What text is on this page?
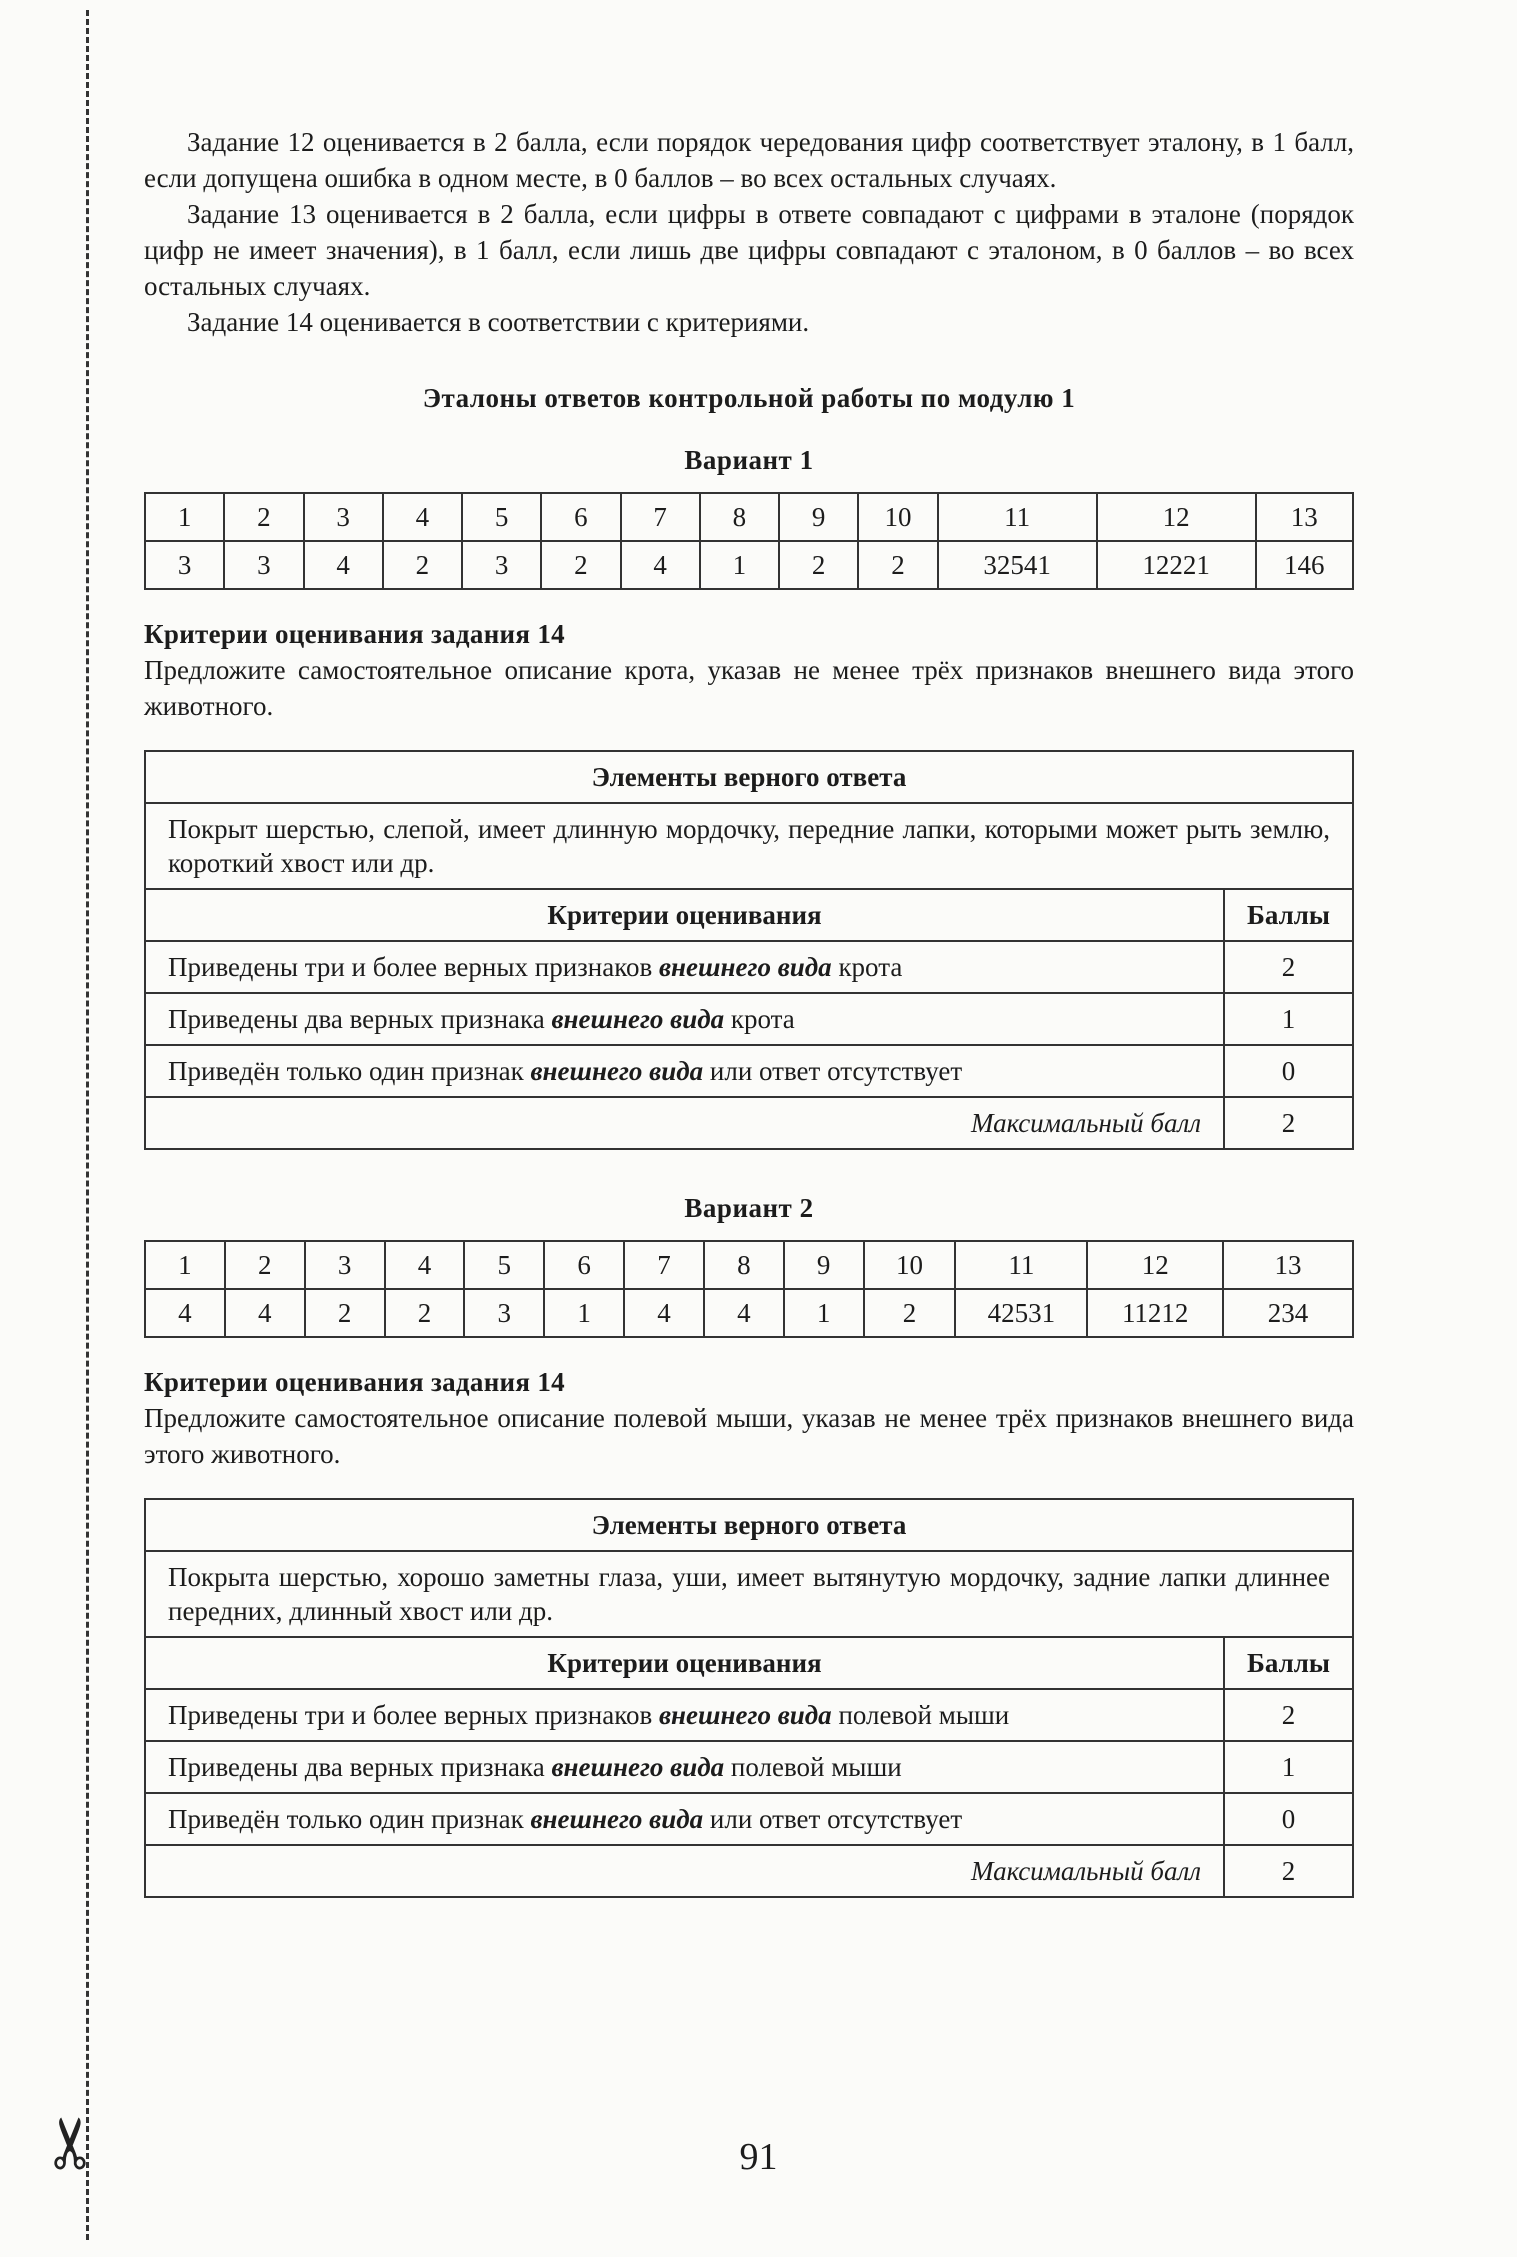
✂

Задание 12 оценивается в 2 балла, если порядок чередования цифр соответствует эталону, в 1 балл, если допущена ошибка в одном месте, в 0 баллов – во всех остальных случаях.

Задание 13 оценивается в 2 балла, если цифры в ответе совпадают с цифрами в эталоне (порядок цифр не имеет значения), в 1 балл, если лишь две цифры совпадают с эталоном, в 0 баллов – во всех остальных случаях.

Задание 14 оценивается в соответствии с критериями.

Эталоны ответов контрольной работы по модулю 1
Вариант 1
1	2	3	4	5	6	7	8	9	10	11	12	13
3	3	4	2	3	2	4	1	2	2	32541	12221	146
Критерии оценивания задания 14

Предложите самостоятельное описание крота, указав не менее трёх признаков внешнего вида этого животного.

Элементы верного ответа	
Покрыт шерстью, слепой, имеет длинную мордочку, передние лапки, которыми может рыть землю, короткий хвост или др.	
Критерии оценивания	Баллы
Приведены три и более верных признаков внешнего вида крота	2
Приведены два верных признака внешнего вида крота	1
Приведён только один признак внешнего вида или ответ отсутствует	0
Максимальный балл	2
Вариант 2
1	2	3	4	5	6	7	8	9	10	11	12	13
4	4	2	2	3	1	4	4	1	2	42531	11212	234
Критерии оценивания задания 14

Предложите самостоятельное описание полевой мыши, указав не менее трёх признаков внешнего вида этого животного.

Элементы верного ответа	
Покрыта шерстью, хорошо заметны глаза, уши, имеет вытянутую мордочку, задние лапки длиннее передних, длинный хвост или др.	
Критерии оценивания	Баллы
Приведены три и более верных признаков внешнего вида полевой мыши	2
Приведены два верных признака внешнего вида полевой мыши	1
Приведён только один признак внешнего вида или ответ отсутствует	0
Максимальный балл	2
91
